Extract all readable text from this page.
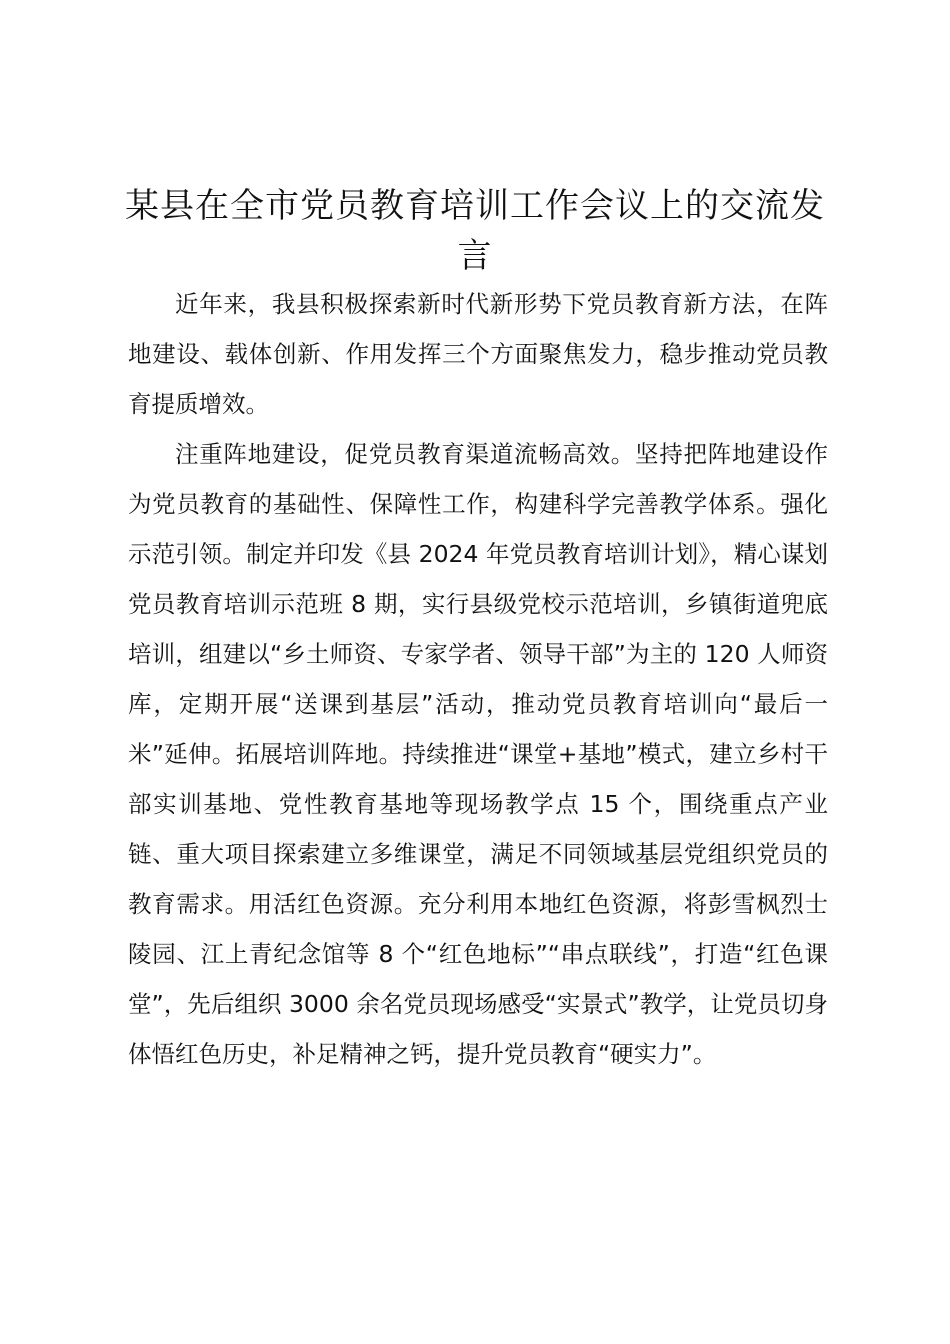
某县在全市党员教育培训工作会议上的交流发言

近年来，我县积极探索新时代新形势下党员教育新方法，在阵地建设、载体创新、作用发挥三个方面聚焦发力，稳步推动党员教育提质增效。

注重阵地建设，促党员教育渠道流畅高效。坚持把阵地建设作为党员教育的基础性、保障性工作，构建科学完善教学体系。强化示范引领。制定并印发《县 2024 年党员教育培训计划》，精心谋划党员教育培训示范班 8 期，实行县级党校示范培训，乡镇街道兜底培训，组建以“乡土师资、专家学者、领导干部”为主的 120 人师资库，定期开展“送课到基层”活动，推动党员教育培训向“最后一米”延伸。拓展培训阵地。持续推进“课堂+基地”模式，建立乡村干部实训基地、党性教育基地等现场教学点 15 个，围绕重点产业链、重大项目探索建立多维课堂，满足不同领域基层党组织党员的教育需求。用活红色资源。充分利用本地红色资源，将彭雪枫烈士陵园、江上青纪念馆等 8 个“红色地标”“串点联线”，打造“红色课堂”，先后组织 3000 余名党员现场感受“实景式”教学，让党员切身体悟红色历史，补足精神之钙，提升党员教育“硬实力”。
